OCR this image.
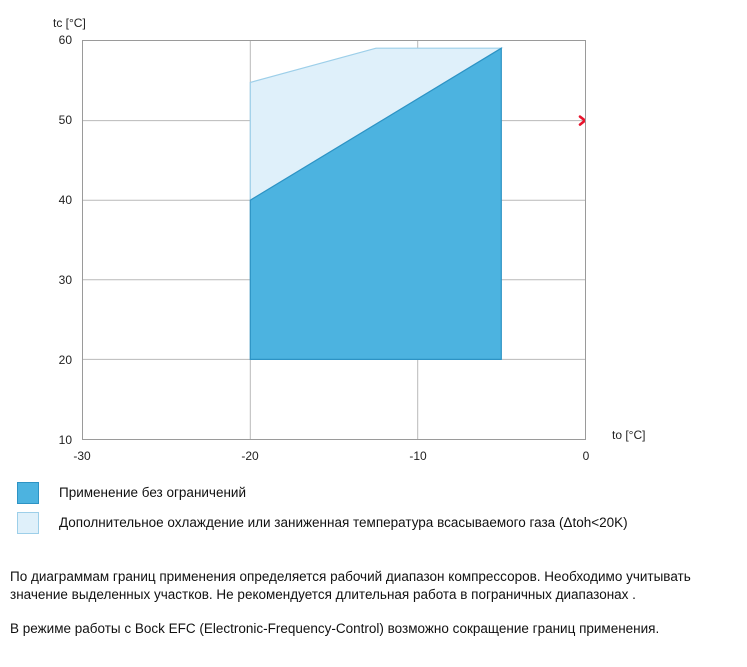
tc [°C]
to [°C]
60
50
40
30
20
10
-30	-20	-10	0
Применение без ограничений
Дополнительное охлаждение или заниженная температура всасываемого газа (Δtoh<20K)
По диаграммам границ применения определяется рабочий диапазон компрессоров. Необходимо учитывать значение выделенных участков. Не рекомендуется длительная работа в пограничных диапазонах .
В режиме работы с Bock EFC (Electronic-Frequency-Control) возможно сокращение границ применения.
